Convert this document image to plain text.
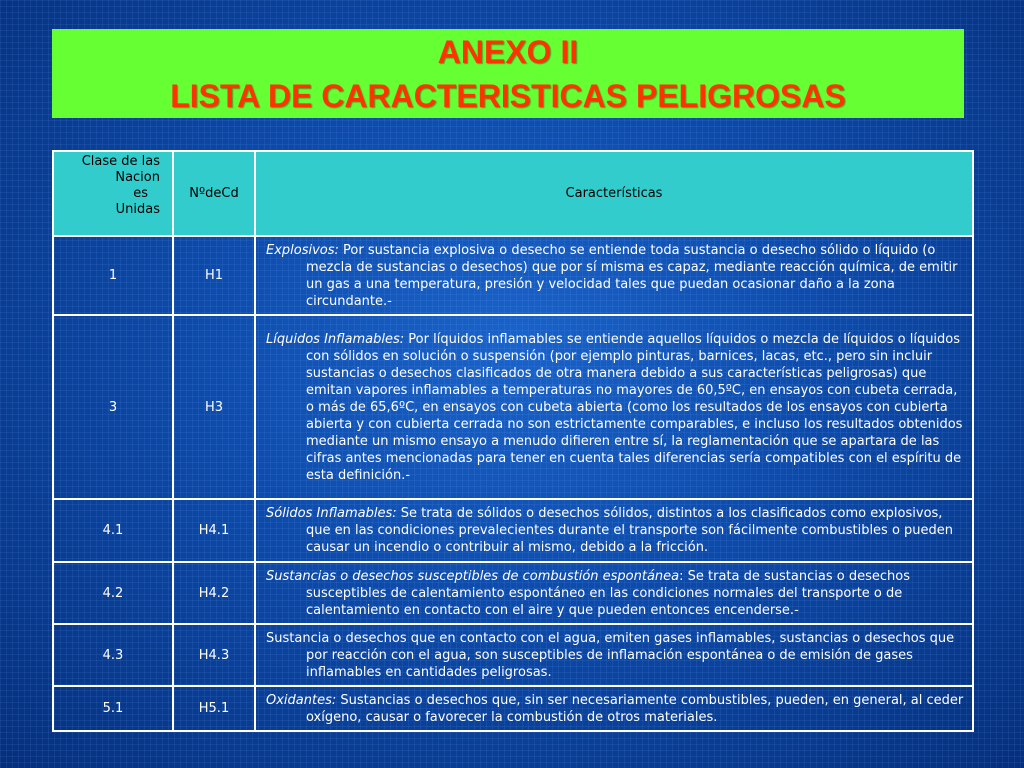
ANEXO II
LISTA DE CARACTERISTICAS PELIGROSAS
Clase de las
Nacion
es
Unidas	NºdeCd	Características
1	H1	Explosivos: Por sustancia explosiva o desecho se entiende toda sustancia o desecho sólido o líquido (o mezcla de sustancias o desechos) que por sí misma es capaz, mediante reacción química, de emitir un gas a una temperatura, presión y velocidad tales que puedan ocasionar daño a la zona circundante.-

3	H3	Líquidos Inflamables: Por líquidos inflamables se entiende aquellos líquidos o mezcla de líquidos o líquidos con sólidos en solución o suspensión (por ejemplo pinturas, barnices, lacas, etc., pero sin incluir sustancias o desechos clasificados de otra manera debido a sus características peligrosas) que emitan vapores inflamables a temperaturas no mayores de 60,5ºC, en ensayos con cubeta cerrada, o más de 65,6ºC, en ensayos con cubeta abierta (como los resultados de los ensayos con cubierta abierta y con cubierta cerrada no son estrictamente comparables, e incluso los resultados obtenidos mediante un mismo ensayo a menudo difieren entre sí, la reglamentación que se apartara de las cifras antes mencionadas para tener en cuenta tales diferencias sería compatibles con el espíritu de esta definición.-

4.1	H4.1	Sólidos Inflamables: Se trata de sólidos o desechos sólidos, distintos a los clasificados como explosivos, que en las condiciones prevalecientes durante el transporte son fácilmente combustibles o pueden causar un incendio o contribuir al mismo, debido a la fricción.

4.2	H4.2	Sustancias o desechos susceptibles de combustión espontánea: Se trata de sustancias o desechos susceptibles de calentamiento espontáneo en las condiciones normales del transporte o de calentamiento en contacto con el aire y que pueden entonces encenderse.-

4.3	H4.3	Sustancia o desechos que en contacto con el agua, emiten gases inflamables, sustancias o desechos que por reacción con el agua, son susceptibles de inflamación espontánea o de emisión de gases inflamables en cantidades peligrosas.

5.1	H5.1	Oxidantes: Sustancias o desechos que, sin ser necesariamente combustibles, pueden, en general, al ceder oxígeno, causar o favorecer la combustión de otros materiales.
